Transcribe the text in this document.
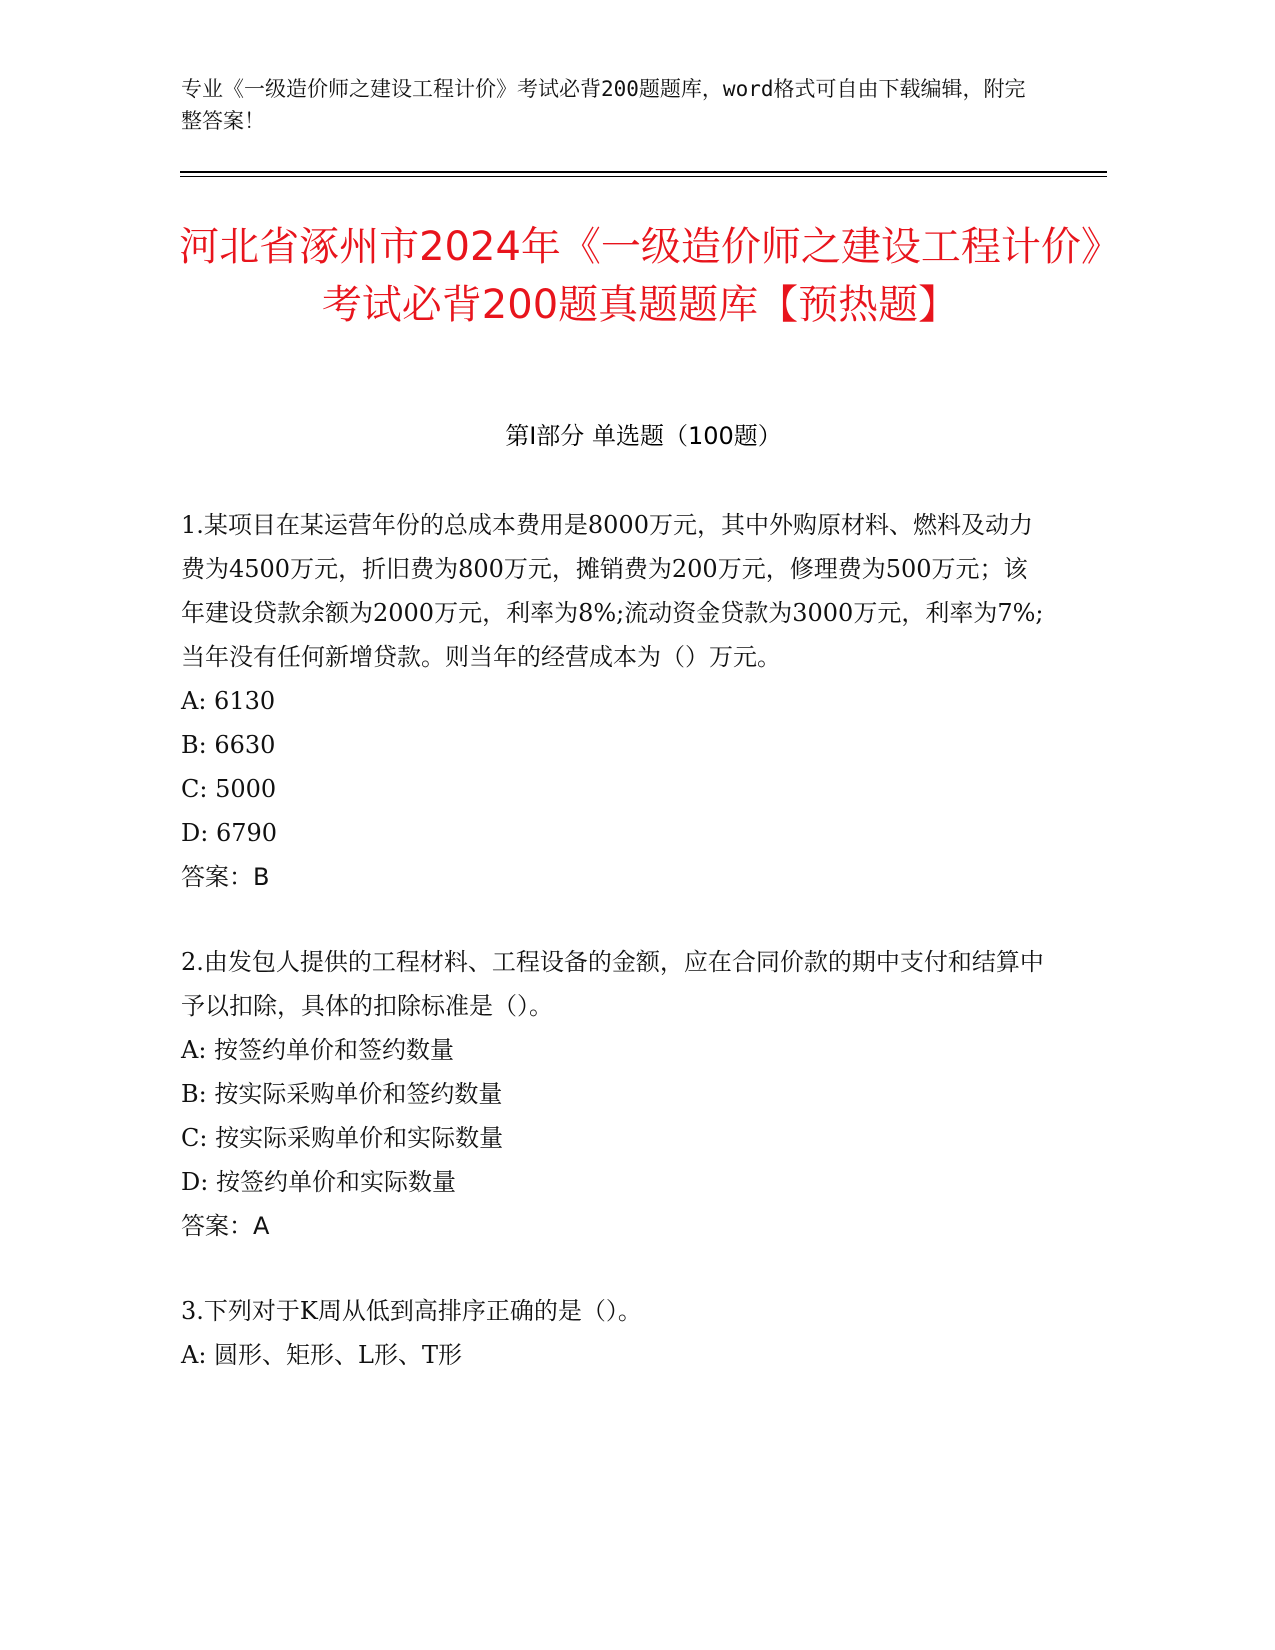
专业《一级造价师之建设工程计价》考试必背200题题库，word格式可自由下载编辑，附完整答案！
河北省涿州市2024年《一级造价师之建设工程计价》考试必背200题真题题库【预热题】
第I部分 单选题（100题）

1.某项目在某运营年份的总成本费用是8000万元，其中外购原材料、燃料及动力费为4500万元，折旧费为800万元，摊销费为200万元，修理费为500万元；该年建设贷款余额为2000万元，利率为8%;流动资金贷款为3000万元，利率为7%;当年没有任何新增贷款。则当年的经营成本为（）万元。

A: 6130

B: 6630

C: 5000

D: 6790

答案：B

2.由发包人提供的工程材料、工程设备的金额，应在合同价款的期中支付和结算中予以扣除，具体的扣除标准是（）。

A: 按签约单价和签约数量

B: 按实际采购单价和签约数量

C: 按实际采购单价和实际数量

D: 按签约单价和实际数量

答案：A

3.下列对于K周从低到高排序正确的是（）。

A: 圆形、矩形、L形、T形
